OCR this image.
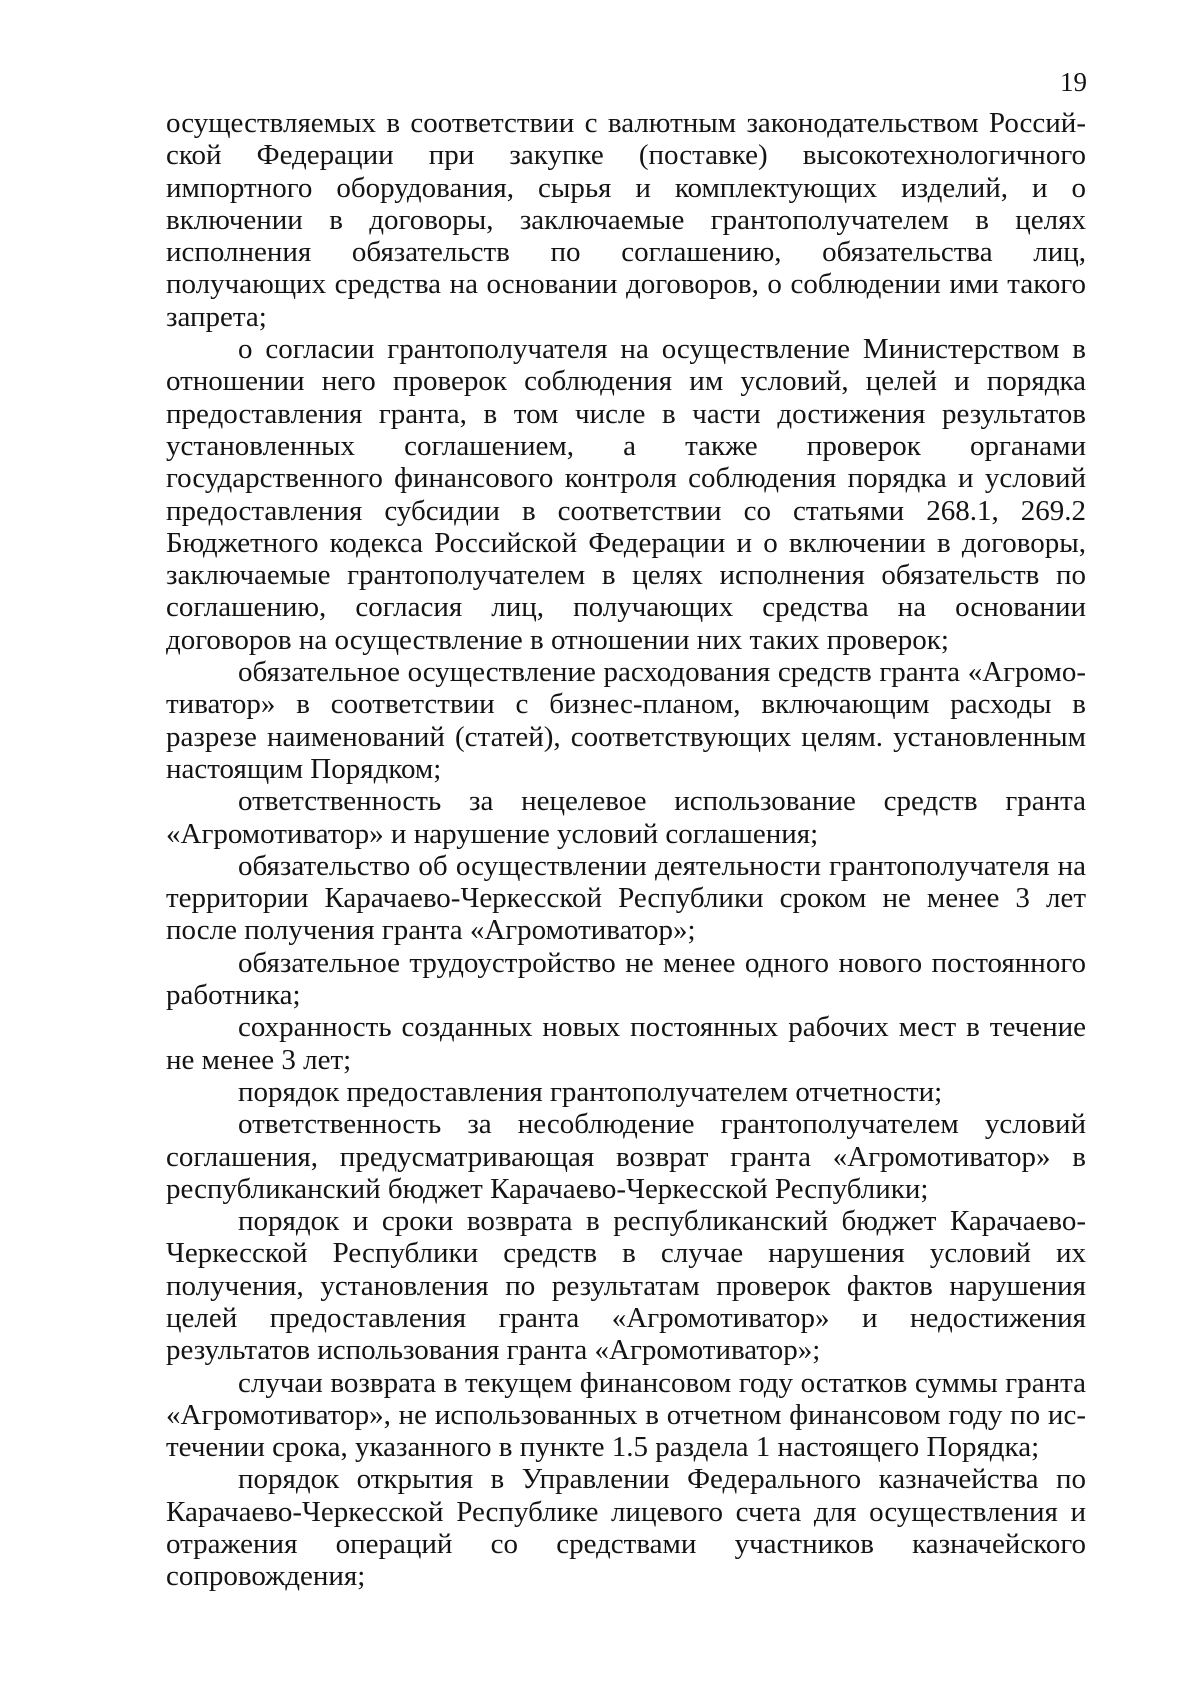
19

осуществляемых в соответствии с валютным законодательством Российской Федерации при закупке (поставке) высокотехнологичного импортного оборудования, сырья и комплектующих изделий, и о включении в договоры, заключаемые грантополучателем в целях исполнения обязательств по соглашению, обязательства лиц, получающих средства на основании договоров, о соблюдении ими такого запрета;

о согласии грантополучателя на осуществление Министерством в отношении него проверок соблюдения им условий, целей и порядка предоставления гранта, в том числе в части достижения результатов установленных соглашением, а также проверок органами государственного финансового контроля соблюдения порядка и условий предоставления субсидии в соответствии со статьями 268.1, 269.2 Бюджетного кодекса Российской Федерации и о включении в договоры, заключаемые грантополучателем в целях исполнения обязательств по соглашению, согласия лиц, получающих средства на основании договоров на осуществление в отношении них таких проверок;

обязательное осуществление расходования средств гранта «Агромотиватор» в соответствии с бизнес-планом, включающим расходы в разрезе наименований (статей), соответствующих целям. установленным настоящим Порядком;

ответственность за нецелевое использование средств гранта «Агромотиватор» и нарушение условий соглашения;

обязательство об осуществлении деятельности грантополучателя на территории Карачаево-Черкесской Республики сроком не менее 3 лет после получения гранта «Агромотиватор»;

обязательное трудоустройство не менее одного нового постоянного работника;

сохранность созданных новых постоянных рабочих мест в течение не менее 3 лет;

порядок предоставления грантополучателем отчетности;

ответственность за несоблюдение грантополучателем условий соглашения, предусматривающая возврат гранта «Агромотиватор» в республиканский бюджет Карачаево-Черкесской Республики;

порядок и сроки возврата в республиканский бюджет Карачаево-Черкесской Республики средств в случае нарушения условий их получения, установления по результатам проверок фактов нарушения целей предоставления гранта «Агромотиватор» и недостижения результатов использования гранта «Агромотиватор»;

случаи возврата в текущем финансовом году остатков суммы гранта «Агромотиватор», не использованных в отчетном финансовом году по истечении срока, указанного в пункте 1.5 раздела 1 настоящего Порядка;

порядок открытия в Управлении Федерального казначейства по Карачаево-Черкесской Республике лицевого счета для осуществления и отражения операций со средствами участников казначейского сопровождения;
